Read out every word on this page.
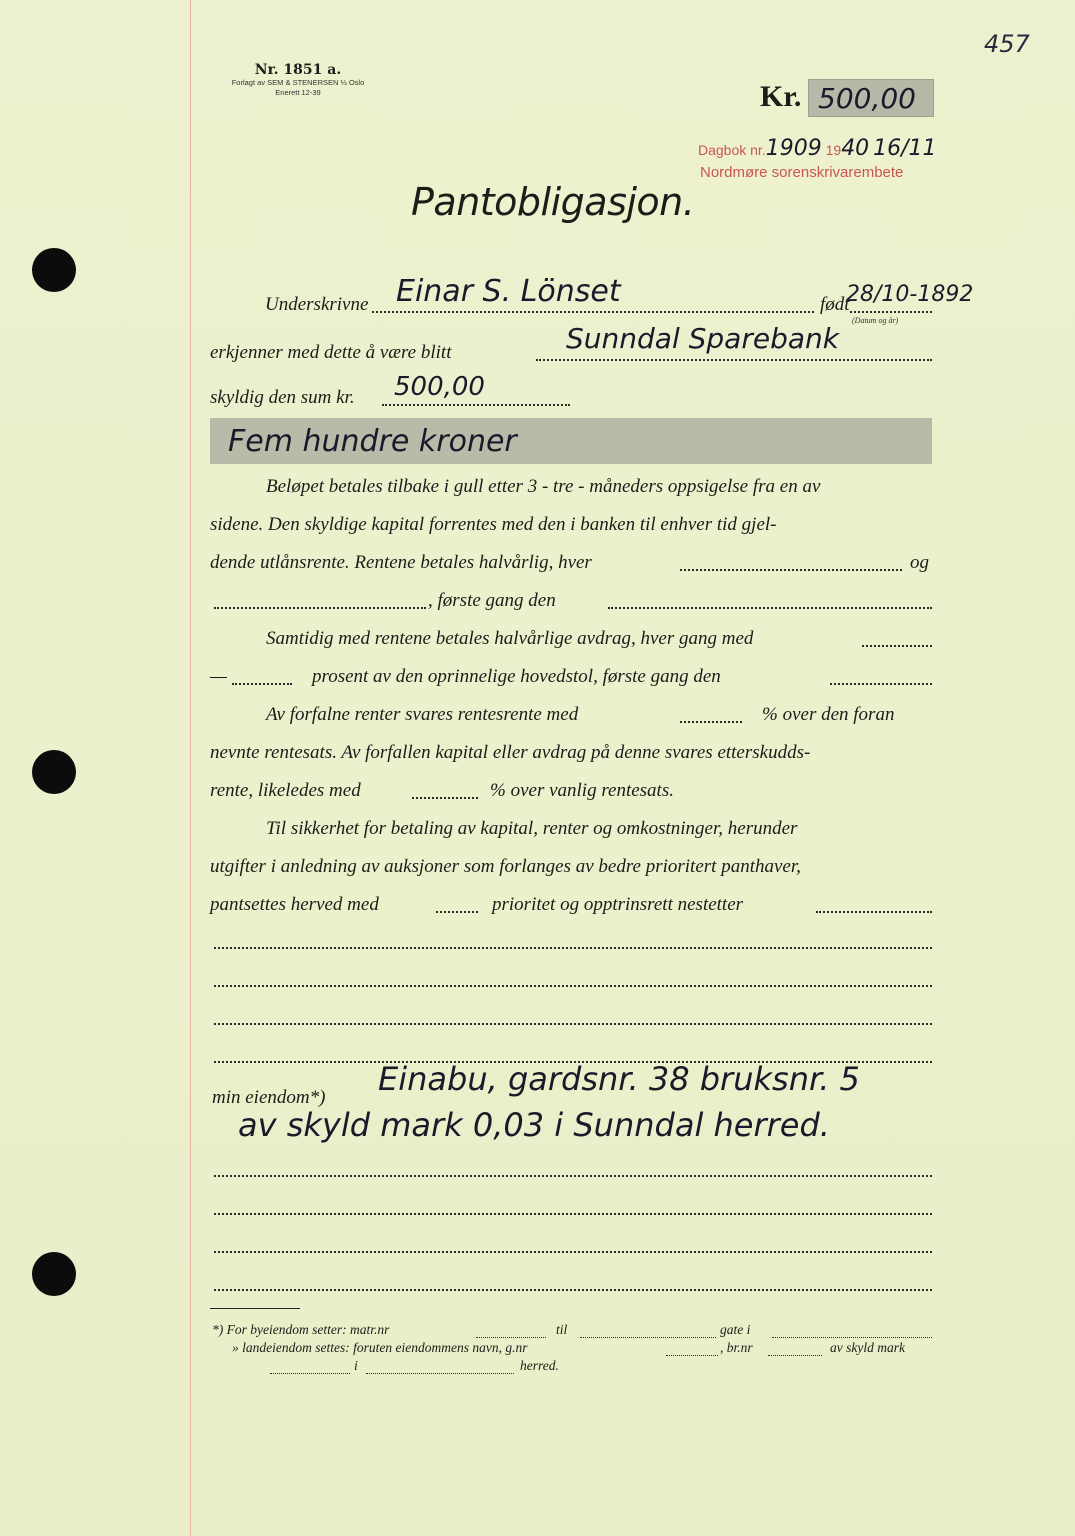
457
Nr. 1851 a.
Forlagt av SEM & STENERSEN ⅓ Oslo
Enerett 12-39	Kr. 500,00
Dagbok nr.1909 1940 16/11
Nordmøre sorenskrivarembete
Pantobligasjon.
Underskrivne Einar S. Lönset	født
28/10-1892
(Datum og år)
erkjenner med dette å være blitt	Sunndal Sparebank
skyldig den sum kr. 500,00
Fem hundre kroner
Beløpet betales tilbake i gull etter 3 - tre - måneders oppsigelse fra en av
sidene. Den skyldige kapital forrentes med den i banken til enhver tid gjel-
dende utlånsrente. Rentene betales halvårlig, hver	og
, første gang den
Samtidig med rentene betales halvårlige avdrag, hver gang med
—	prosent av den oprinnelige hovedstol, første gang den
Av forfalne renter svares rentesrente med	% over den foran
nevnte rentesats. Av forfallen kapital eller avdrag på denne svares etterskudds-
rente, likeledes med	% over vanlig rentesats.
Til sikkerhet for betaling av kapital, renter og omkostninger, herunder
utgifter i anledning av auksjoner som forlanges av bedre prioritert panthaver,
pantsettes herved med	prioritet og opptrinsrett nestetter
min eiendom*) Einabu, gardsnr. 38 bruksnr. 5
av skyld mark 0,03 i Sunndal herred.
*) For byeiendom setter: matr.nr	til	gate i
» landeiendom settes: foruten eiendommens navn, g.nr	, br.nr	av skyld mark
i	herred.
